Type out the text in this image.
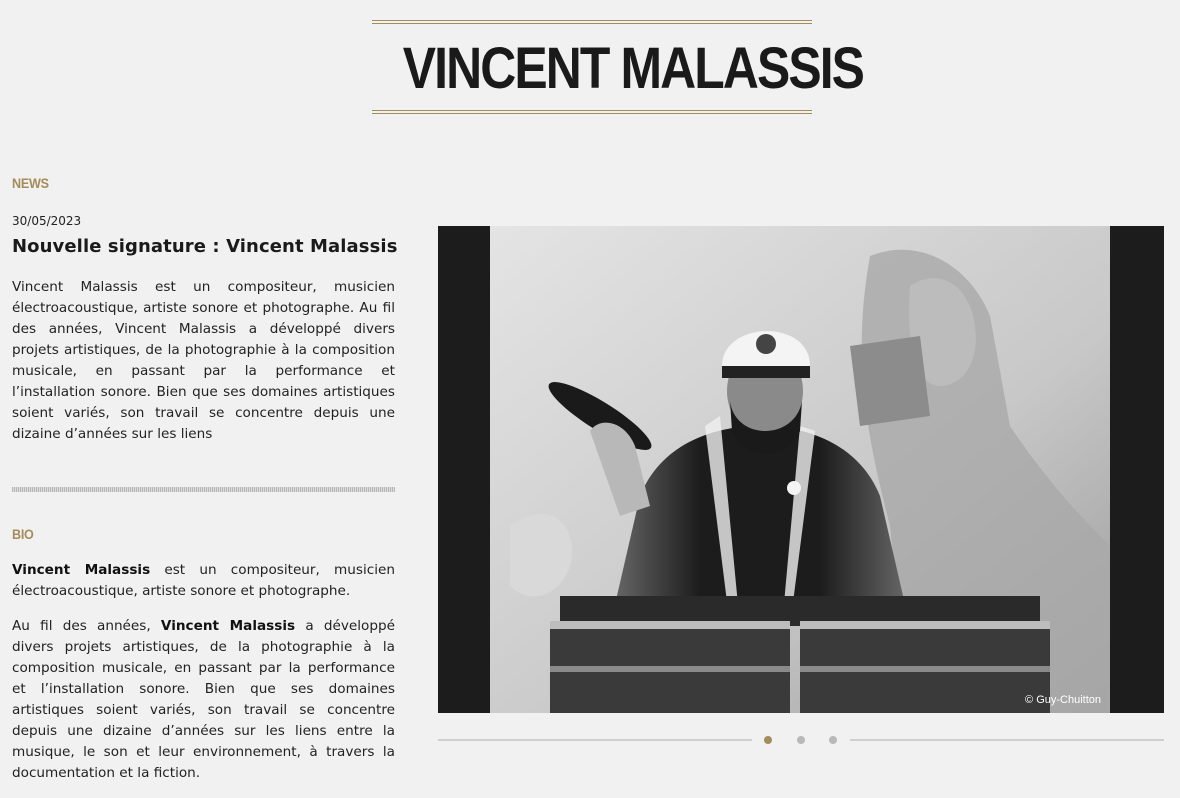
VINCENT MALASSIS
NEWS
30/05/2023
Nouvelle signature : Vincent Malassis

Vincent Malassis est un compositeur, musicien électroacoustique, artiste sonore et photographe. Au fil des années, Vincent Malassis a développé divers projets artistiques, de la photographie à la composition musicale, en passant par la performance et l’installation sonore. Bien que ses domaines artistiques soient variés, son travail se concentre depuis une dizaine d’années sur les liens

BIO

Vincent Malassis est un compositeur, musicien électroacoustique, artiste sonore et photographe.

Au fil des années, Vincent Malassis a développé divers projets artistiques, de la photographie à la composition musicale, en passant par la performance et l’installation sonore. Bien que ses domaines artistiques soient variés, son travail se concentre depuis une dizaine d’années sur les liens entre la musique, le son et leur environnement, à travers la documentation et la fiction.

© Guy-Chuitton
